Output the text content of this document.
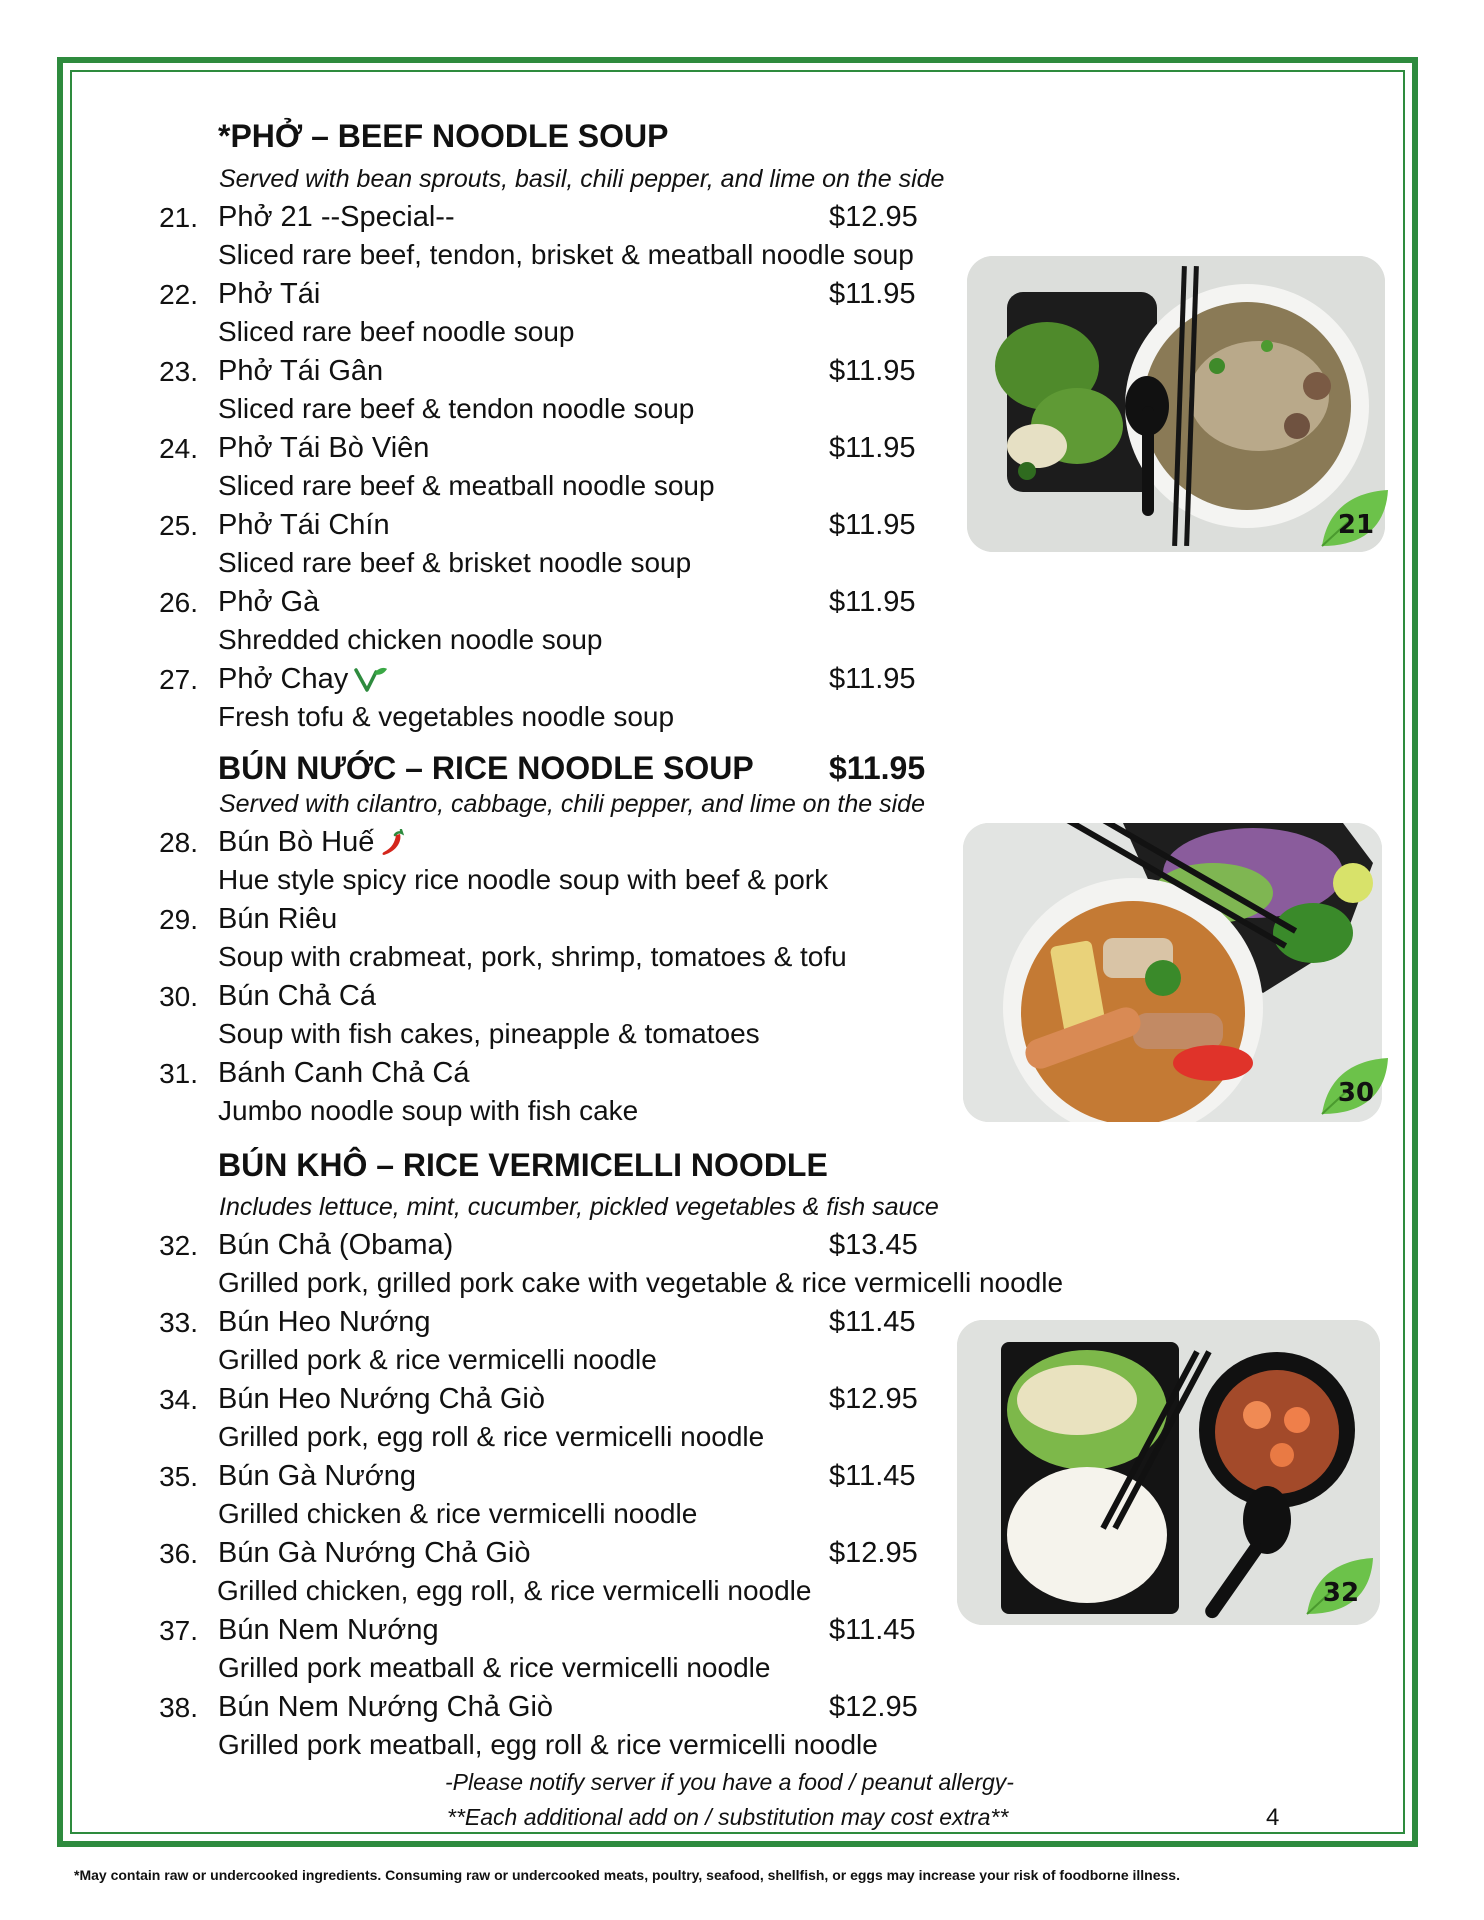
*PHỞ – BEEF NOODLE SOUP
Served with bean sprouts, basil, chili pepper, and lime on the side
21. Phở 21 --Special--	$12.95
Sliced rare beef, tendon, brisket & meatball noodle soup
22. Phở Tái	$11.95
Sliced rare beef noodle soup
23. Phở Tái Gân	$11.95
Sliced rare beef & tendon noodle soup
24. Phở Tái Bò Viên	$11.95
Sliced rare beef & meatball noodle soup
25. Phở Tái Chín	$11.95
Sliced rare beef & brisket noodle soup
26. Phở Gà	$11.95
Shredded chicken noodle soup
27. Phở Chay	$11.95
Fresh tofu & vegetables noodle soup
BÚN NƯỚC – RICE NOODLE SOUP $11.95
Served with cilantro, cabbage, chili pepper, and lime on the side
28. Bún Bò Huế
Hue style spicy rice noodle soup with beef & pork
29. Bún Riêu
Soup with crabmeat, pork, shrimp, tomatoes & tofu
30. Bún Chả Cá
Soup with fish cakes, pineapple & tomatoes
31. Bánh Canh Chả Cá
Jumbo noodle soup with fish cake
BÚN KHÔ – RICE VERMICELLI NOODLE
Includes lettuce, mint, cucumber, pickled vegetables & fish sauce
32. Bún Chả (Obama)	$13.45
Grilled pork, grilled pork cake with vegetable & rice vermicelli noodle
33. Bún Heo Nướng	$11.45
Grilled pork & rice vermicelli noodle
34. Bún Heo Nướng Chả Giò	$12.95
Grilled pork, egg roll & rice vermicelli noodle
35. Bún Gà Nướng	$11.45
Grilled chicken & rice vermicelli noodle
36. Bún Gà Nướng Chả Giò	$12.95
Grilled chicken, egg roll, & rice vermicelli noodle
37. Bún Nem Nướng	$11.45
Grilled pork meatball & rice vermicelli noodle
38. Bún Nem Nướng Chả Giò	$12.95
Grilled pork meatball, egg roll & rice vermicelli noodle
21
30
32
-Please notify server if you have a food / peanut allergy-
**Each additional add on / substitution may cost extra**	4
*May contain raw or undercooked ingredients. Consuming raw or undercooked meats, poultry, seafood, shellfish, or eggs may increase your risk of foodborne illness.
